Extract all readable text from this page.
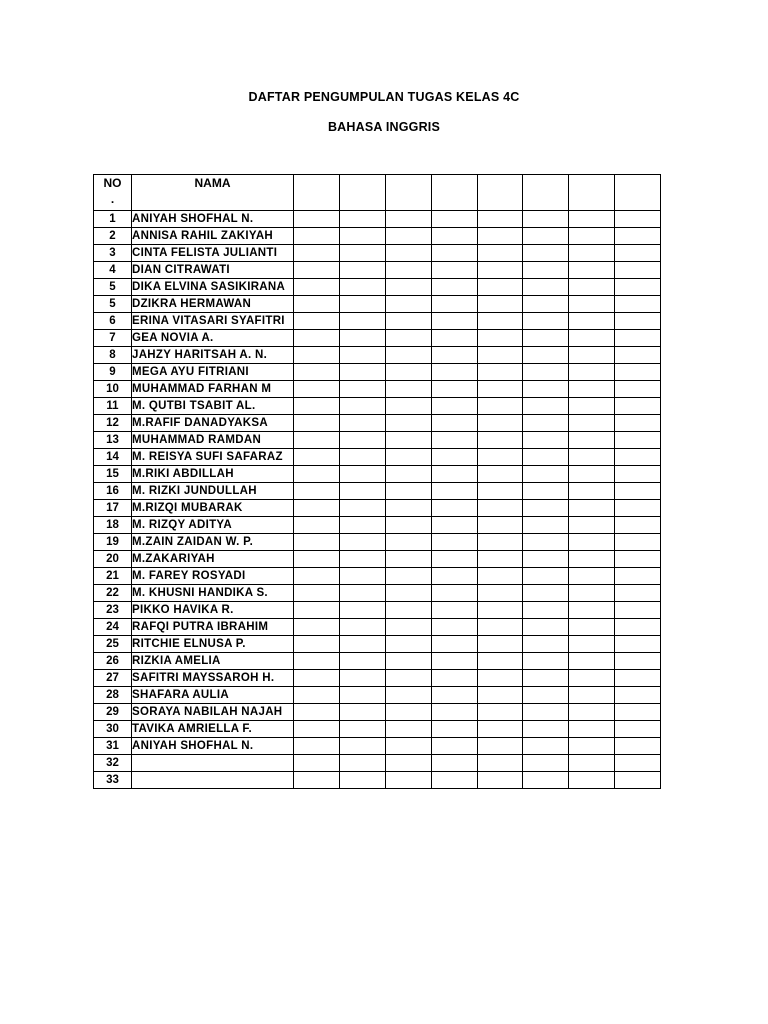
DAFTAR PENGUMPULAN TUGAS KELAS 4C
BAHASA INGGRIS
NO
.	NAMA								
1	ANIYAH SHOFHAL N.								
2	ANNISA RAHIL ZAKIYAH								
3	CINTA FELISTA JULIANTI								
4	DIAN CITRAWATI								
5	DIKA ELVINA SASIKIRANA								
5	DZIKRA HERMAWAN								
6	ERINA VITASARI SYAFITRI								
7	GEA NOVIA A.								
8	JAHZY HARITSAH A. N.								
9	MEGA AYU FITRIANI								
10	MUHAMMAD FARHAN M								
11	M. QUTBI TSABIT AL.								
12	M.RAFIF DANADYAKSA								
13	MUHAMMAD RAMDAN								
14	M. REISYA SUFI SAFARAZ								
15	M.RIKI ABDILLAH								
16	M. RIZKI JUNDULLAH								
17	M.RIZQI MUBARAK								
18	M. RIZQY ADITYA								
19	M.ZAIN ZAIDAN W. P.								
20	M.ZAKARIYAH								
21	M. FAREY ROSYADI								
22	M. KHUSNI HANDIKA S.								
23	PIKKO HAVIKA R.								
24	RAFQI PUTRA IBRAHIM								
25	RITCHIE ELNUSA P.								
26	RIZKIA AMELIA								
27	SAFITRI MAYSSAROH H.								
28	SHAFARA AULIA								
29	SORAYA NABILAH NAJAH								
30	TAVIKA AMRIELLA F.								
31	ANIYAH SHOFHAL N.								
32									
33									
